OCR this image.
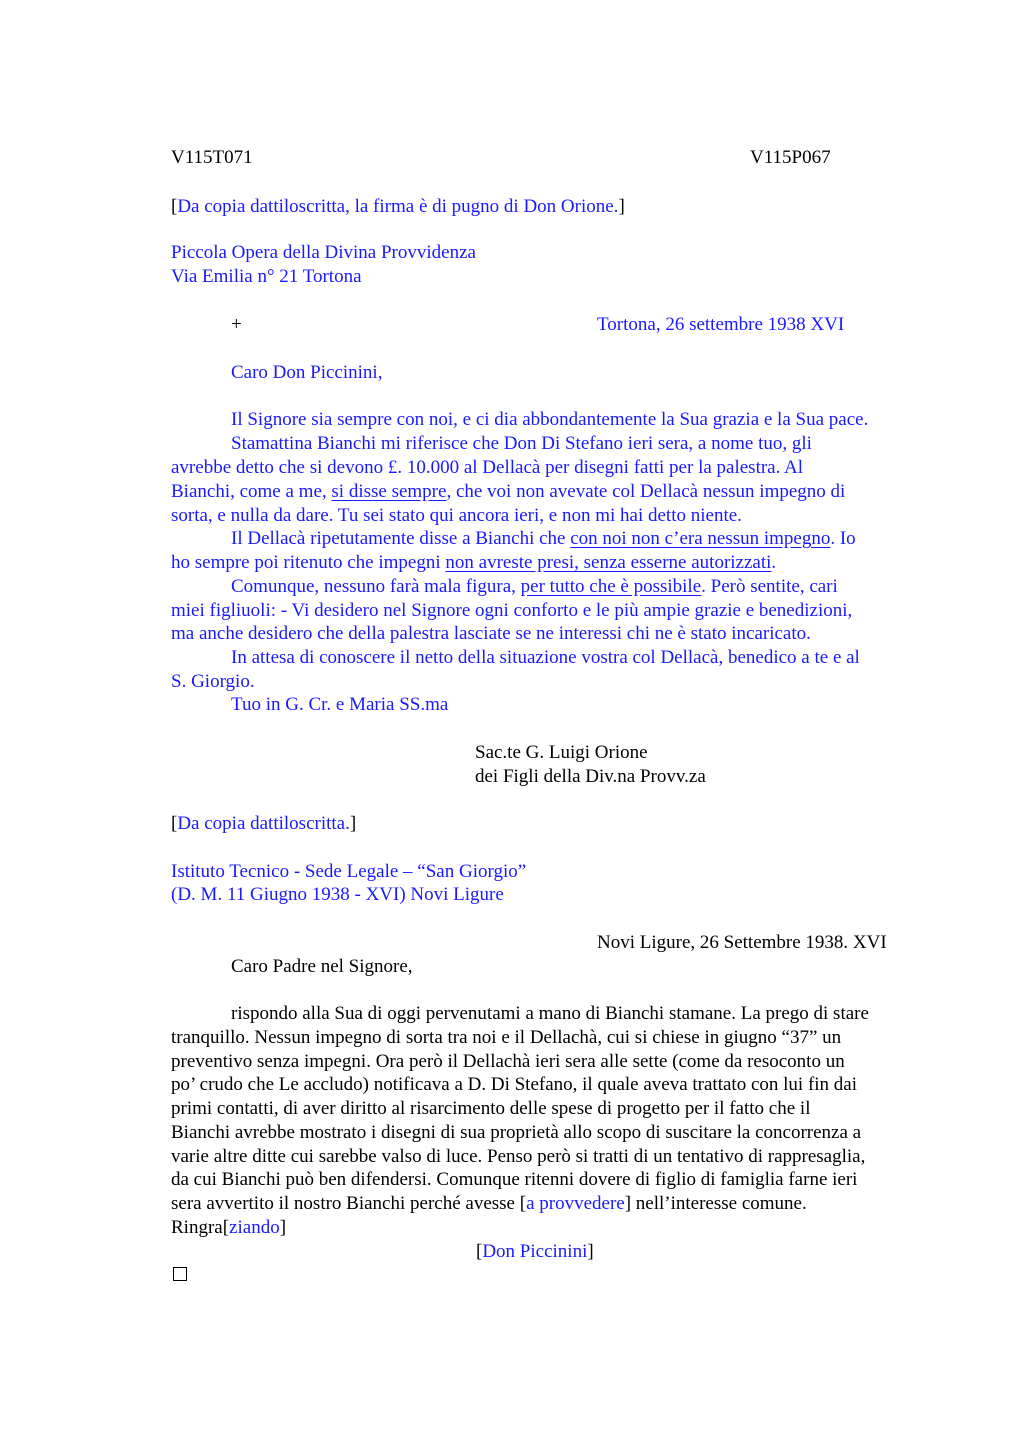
V115T071	V115P067
[Da copia dattiloscritta, la firma è di pugno di Don Orione.]
Piccola Opera della Divina Provvidenza
Via Emilia n° 21 Tortona
+	Tortona, 26 settembre 1938 XVI
Caro Don Piccinini,
Il Signore sia sempre con noi, e ci dia abbondantemente la Sua grazia e la Sua pace.
Stamattina Bianchi mi riferisce che Don Di Stefano ieri sera, a nome tuo, gli
avrebbe detto che si devono £. 10.000 al Dellacà per disegni fatti per la palestra. Al
Bianchi, come a me, si disse sempre, che voi non avevate col Dellacà nessun impegno di
sorta, e nulla da dare. Tu sei stato qui ancora ieri, e non mi hai detto niente.
Il Dellacà ripetutamente disse a Bianchi che con noi non c’era nessun impegno. Io
ho sempre poi ritenuto che impegni non avreste presi, senza esserne autorizzati.
Comunque, nessuno farà mala figura, per tutto che è possibile. Però sentite, cari
miei figliuoli: - Vi desidero nel Signore ogni conforto e le più ampie grazie e benedizioni,
ma anche desidero che della palestra lasciate se ne interessi chi ne è stato incaricato.
In attesa di conoscere il netto della situazione vostra col Dellacà, benedico a te e al
S. Giorgio.
Tuo in G. Cr. e Maria SS.ma
Sac.te G. Luigi Orione
dei Figli della Div.na Provv.za
[Da copia dattiloscritta.]
Istituto Tecnico - Sede Legale – “San Giorgio”
(D. M. 11 Giugno 1938 - XVI) Novi Ligure
Novi Ligure, 26 Settembre 1938. XVI
Caro Padre nel Signore,
rispondo alla Sua di oggi pervenutami a mano di Bianchi stamane. La prego di stare
tranquillo. Nessun impegno di sorta tra noi e il Dellachà, cui si chiese in giugno “37” un
preventivo senza impegni. Ora però il Dellachà ieri sera alle sette (come da resoconto un
po’ crudo che Le accludo) notificava a D. Di Stefano, il quale aveva trattato con lui fin dai
primi contatti, di aver diritto al risarcimento delle spese di progetto per il fatto che il
Bianchi avrebbe mostrato i disegni di sua proprietà allo scopo di suscitare la concorrenza a
varie altre ditte cui sarebbe valso di luce. Penso però si tratti di un tentativo di rappresaglia,
da cui Bianchi può ben difendersi. Comunque ritenni dovere di figlio di famiglia farne ieri
sera avvertito il nostro Bianchi perché avesse [a provvedere] nell’interesse comune.
Ringra[ziando]
[Don Piccinini]
